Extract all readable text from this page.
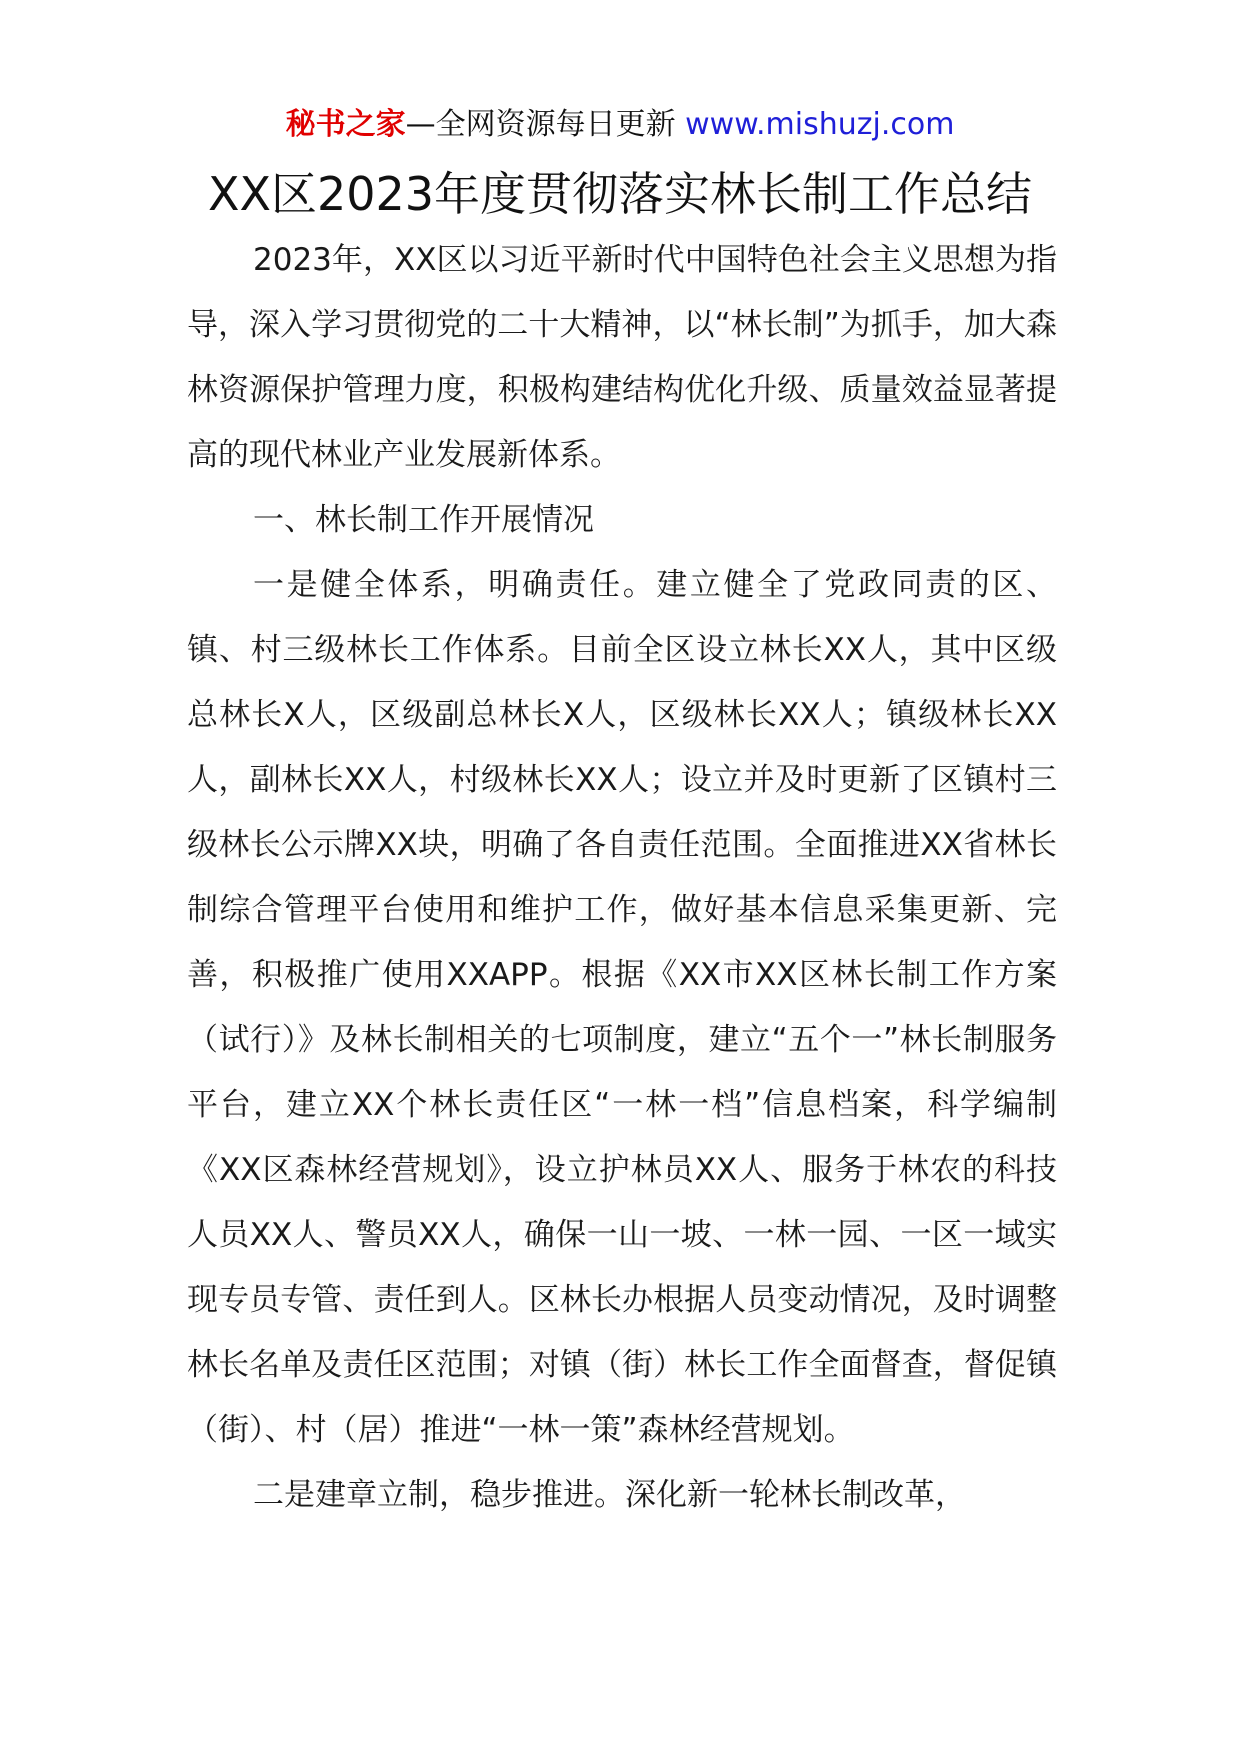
秘书之家—全网资源每日更新 www.mishuzj.com
XX区2023年度贯彻落实林长制工作总结

2023年，XX区以习近平新时代中国特色社会主义思想为指导，深入学习贯彻党的二十大精神，以“林长制”为抓手，加大森林资源保护管理力度，积极构建结构优化升级、质量效益显著提高的现代林业产业发展新体系。

一、林长制工作开展情况

一是健全体系，明确责任。建立健全了党政同责的区、镇、村三级林长工作体系。目前全区设立林长XX人，其中区级总林长X人，区级副总林长X人，区级林长XX人；镇级林长XX人，副林长XX人，村级林长XX人；设立并及时更新了区镇村三级林长公示牌XX块，明确了各自责任范围。全面推进XX省林长制综合管理平台使用和维护工作，做好基本信息采集更新、完善，积极推广使用XXAPP。根据《XX市XX区林长制工作方案（试行）》及林长制相关的七项制度，建立“五个一”林长制服务平台，建立XX个林长责任区“一林一档”信息档案，科学编制《XX区森林经营规划》，设立护林员XX人、服务于林农的科技人员XX人、警员XX人，确保一山一坡、一林一园、一区一域实现专员专管、责任到人。区林长办根据人员变动情况，及时调整林长名单及责任区范围；对镇（街）林长工作全面督查，督促镇（街）、村（居）推进“一林一策”森林经营规划。

二是建章立制，稳步推进。深化新一轮林长制改革，
